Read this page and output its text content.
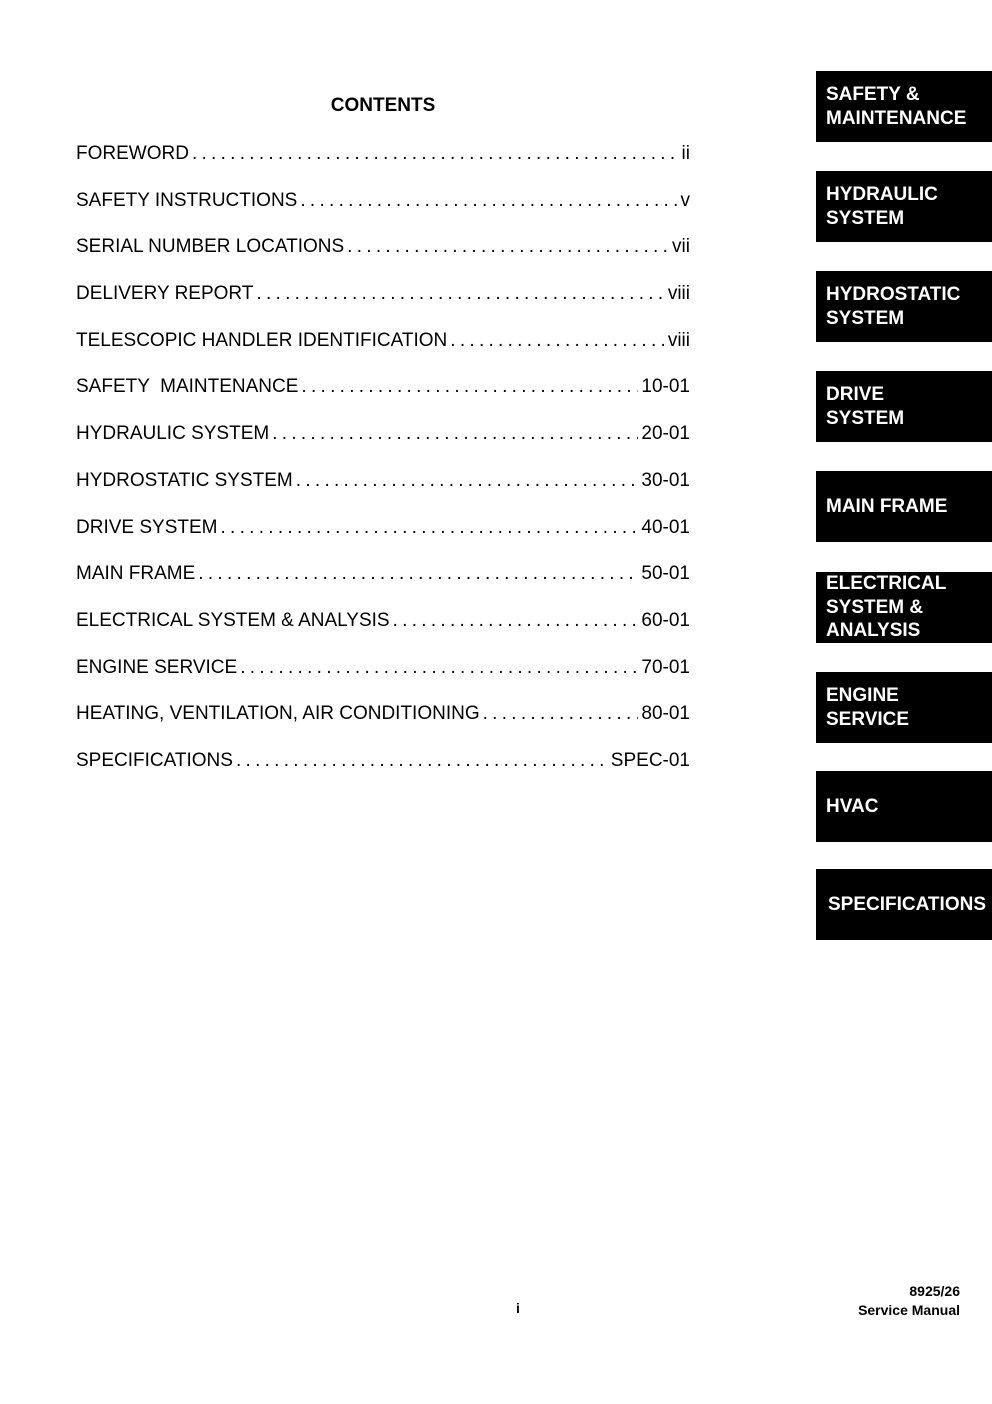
CONTENTS
FOREWORD . . .	ii
SAFETY INSTRUCTIONS . . .	v
SERIAL NUMBER LOCATIONS . . .	vii
DELIVERY REPORT . . .	viii
TELESCOPIC HANDLER IDENTIFICATION . . .	viii
SAFETY  MAINTENANCE . . .	10-01
HYDRAULIC SYSTEM . . .	20-01
HYDROSTATIC SYSTEM . . .	30-01
DRIVE SYSTEM . . .	40-01
MAIN FRAME . . .	50-01
ELECTRICAL SYSTEM & ANALYSIS . . .	60-01
ENGINE SERVICE . . .	70-01
HEATING, VENTILATION, AIR CONDITIONING . . .	80-01
SPECIFICATIONS . . .	SPEC-01
SAFETY &
MAINTENANCE
HYDRAULIC
SYSTEM
HYDROSTATIC
SYSTEM
DRIVE
SYSTEM
MAIN FRAME
ELECTRICAL
SYSTEM &
ANALYSIS
ENGINE
SERVICE
HVAC
SPECIFICATIONS
i
8925/26
Service Manual
